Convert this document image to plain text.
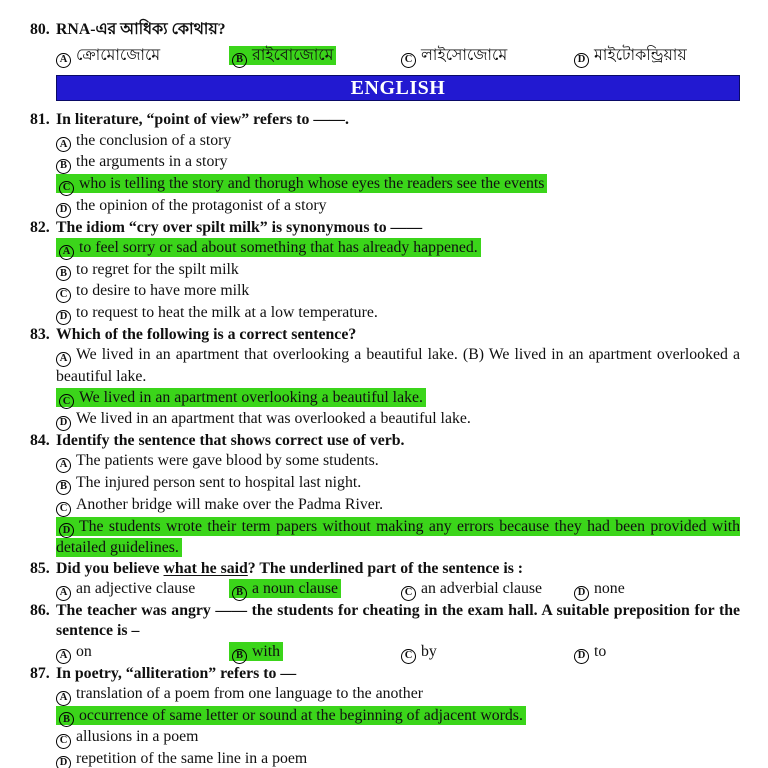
80. RNA-এর আধিক্য কোথায়?
A ক্রোমোজোমে	B রাইবোজোমে	C লাইসোজোমে	D মাইটোকন্ড্রিয়ায়
ENGLISH
81. In literature, “point of view” refers to ——.
A the conclusion of a story
B the arguments in a story
C who is telling the story and thorugh whose eyes the readers see the events
D the opinion of the protagonist of a story
82. The idiom “cry over spilt milk” is synonymous to ——
A to feel sorry or sad about something that has already happened.
B to regret for the spilt milk
C to desire to have more milk
D to request to heat the milk at a low temperature.
83. Which of the following is a correct sentence?
A We lived in an apartment that overlooking a beautiful lake. (B) We lived in an apartment overlooked a beautiful lake.
C We lived in an apartment overlooking a beautiful lake.
D We lived in an apartment that was overlooked a beautiful lake.
84. Identify the sentence that shows correct use of verb.
A The patients were gave blood by some students.
B The injured person sent to hospital last night.
C Another bridge will make over the Padma River.
D The students wrote their term papers without making any errors because they had been provided with detailed guidelines.
85. Did you believe what he said? The underlined part of the sentence is :
A an adjective clause	B a noun clause	C an adverbial clause	D none
86. The teacher was angry —— the students for cheating in the exam hall. A suitable preposition for the sentence is –
A on	B with	C by	D to
87. In poetry, “alliteration” refers to —
A translation of a poem from one language to the another
B occurrence of same letter or sound at the beginning of adjacent words.
C allusions in a poem
D repetition of the same line in a poem
